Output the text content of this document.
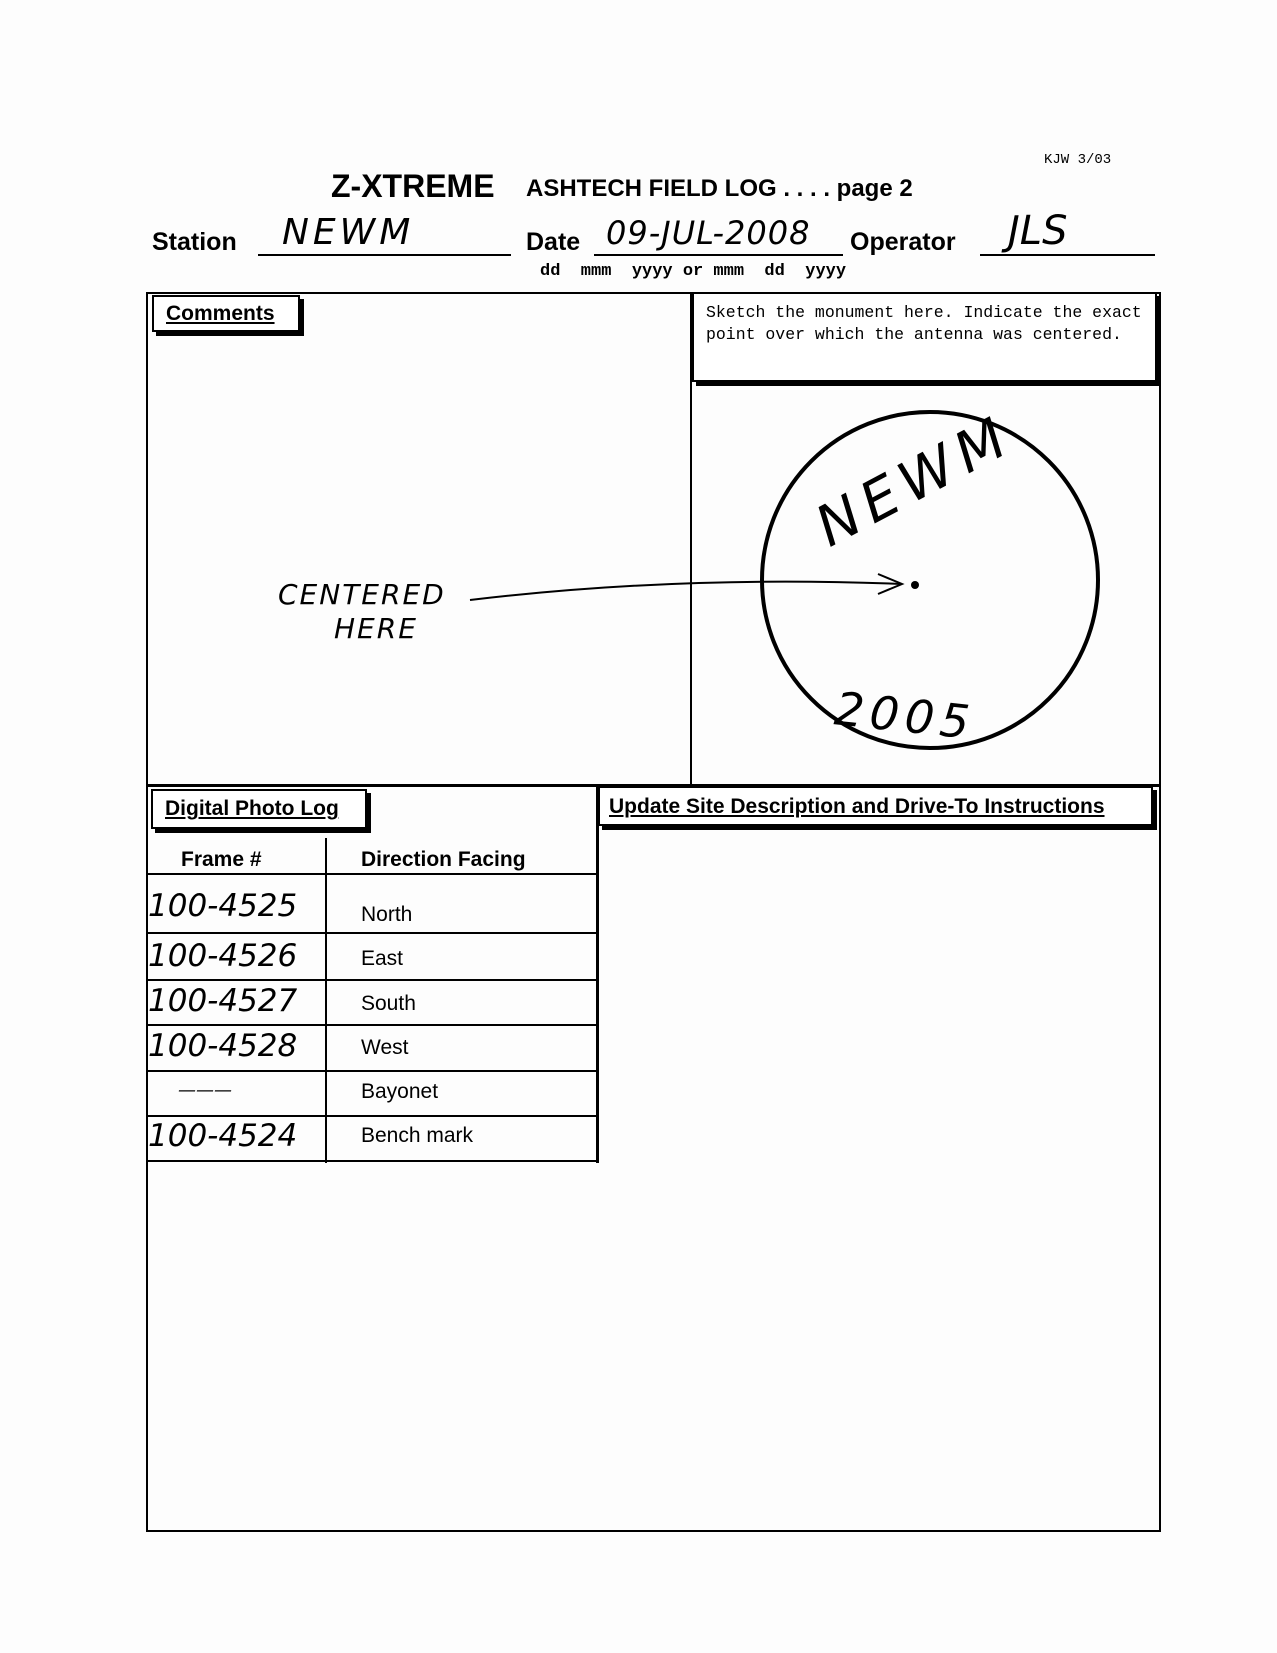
KJW 3/03
Z-XTREME ASHTECH FIELD LOG . . . . page 2
Station NEWM	Date 09-JUL-2008 Operator JLS
dd  mmm  yyyy or mmm  dd  yyyy
Comments
CENTERED
HERE
Sketch the monument here. Indicate the exact point over which the antenna was centered.
NEWM
2005
Digital Photo Log
Frame #	Direction Facing
100-4525	North
100-4526	East
100-4527	South
100-4528	West
———	Bayonet
100-4524	Bench mark
Update Site Description and Drive-To Instructions
